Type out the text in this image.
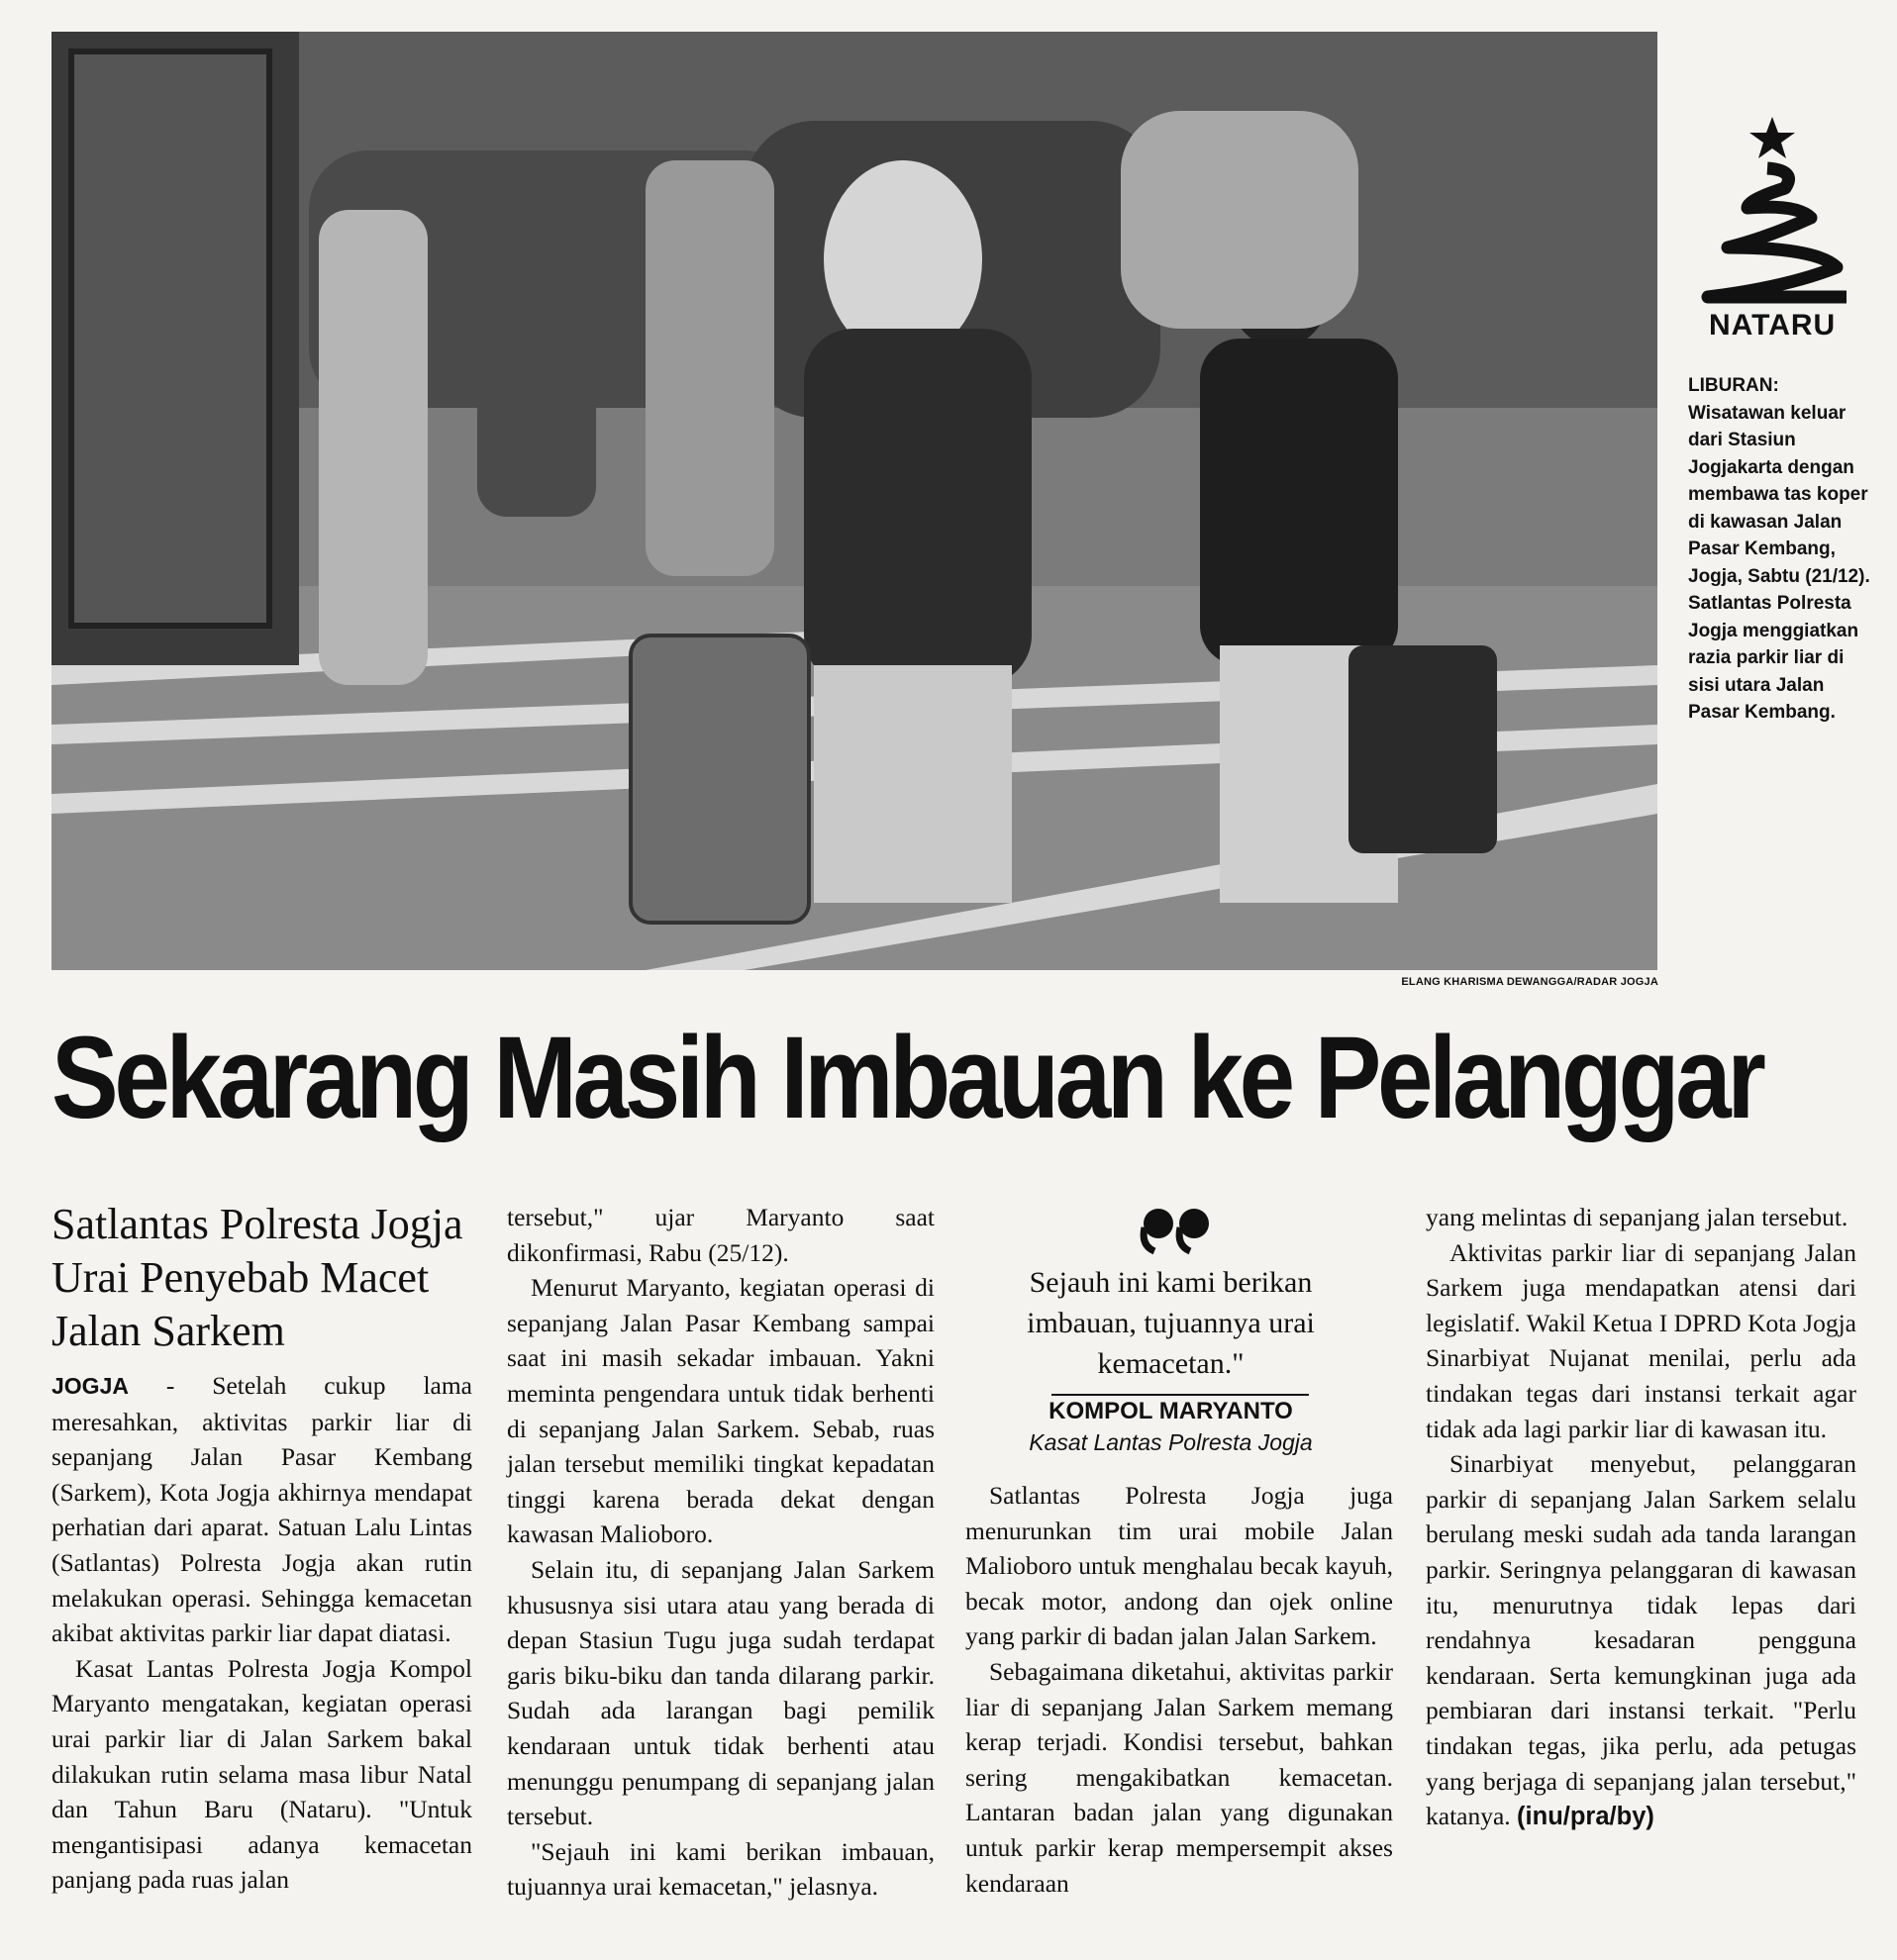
ELANG KHARISMA DEWANGGA/RADAR JOGJA
NATARU
LIBURAN: Wisatawan keluar dari Stasiun Jogjakarta dengan membawa tas koper di kawasan Jalan Pasar Kembang, Jogja, Sabtu (21/12). Satlantas Polresta Jogja menggiatkan razia parkir liar di sisi utara Jalan Pasar Kembang.
Sekarang Masih Imbauan ke Pelanggar
Satlantas Polresta Jogja Urai Penyebab Macet Jalan Sarkem

JOGJA - Setelah cukup lama meresahkan, aktivitas parkir liar di sepanjang Jalan Pasar Kembang (Sarkem), Kota Jogja akhirnya mendapat perhatian dari aparat. Satuan Lalu Lintas (Satlantas) Polresta Jogja akan rutin melakukan operasi. Sehingga kemacetan akibat aktivitas parkir liar dapat diatasi.

Kasat Lantas Polresta Jogja Kompol Maryanto mengatakan, kegiatan operasi urai parkir liar di Jalan Sarkem bakal dilakukan rutin selama masa libur Natal dan Tahun Baru (Nataru). "Untuk mengantisipasi adanya kemacetan panjang pada ruas jalan

tersebut," ujar Maryanto saat dikonfirmasi, Rabu (25/12).

Menurut Maryanto, kegiatan operasi di sepanjang Jalan Pasar Kembang sampai saat ini masih sekadar imbauan. Yakni meminta pengendara untuk tidak berhenti di sepanjang Jalan Sarkem. Sebab, ruas jalan tersebut memiliki tingkat kepadatan tinggi karena berada dekat dengan kawasan Malioboro.

Selain itu, di sepanjang Jalan Sarkem khususnya sisi utara atau yang berada di depan Stasiun Tugu juga sudah terdapat garis biku-biku dan tanda dilarang parkir. Sudah ada larangan bagi pemilik kendaraan untuk tidak berhenti atau menunggu penumpang di sepanjang jalan tersebut.

"Sejauh ini kami berikan imbauan, tujuannya urai kemacetan," jelasnya.

Sejauh ini kami berikan imbauan, tujuannya urai kemacetan."
KOMPOL MARYANTO
Kasat Lantas Polresta Jogja

Satlantas Polresta Jogja juga menurunkan tim urai mobile Jalan Malioboro untuk menghalau becak kayuh, becak motor, andong dan ojek online yang parkir di badan jalan Jalan Sarkem.

Sebagaimana diketahui, aktivitas parkir liar di sepanjang Jalan Sarkem memang kerap terjadi. Kondisi tersebut, bahkan sering mengakibatkan kemacetan. Lantaran badan jalan yang digunakan untuk parkir kerap mempersempit akses kendaraan

yang melintas di sepanjang jalan tersebut.

Aktivitas parkir liar di sepanjang Jalan Sarkem juga mendapatkan atensi dari legislatif. Wakil Ketua I DPRD Kota Jogja Sinarbiyat Nujanat menilai, perlu ada tindakan tegas dari instansi terkait agar tidak ada lagi parkir liar di kawasan itu.

Sinarbiyat menyebut, pelanggaran parkir di sepanjang Jalan Sarkem selalu berulang meski sudah ada tanda larangan parkir. Seringnya pelanggaran di kawasan itu, menurutnya tidak lepas dari rendahnya kesadaran pengguna kendaraan. Serta kemungkinan juga ada pembiaran dari instansi terkait. "Perlu tindakan tegas, jika perlu, ada petugas yang berjaga di sepanjang jalan tersebut," katanya. (inu/pra/by)
